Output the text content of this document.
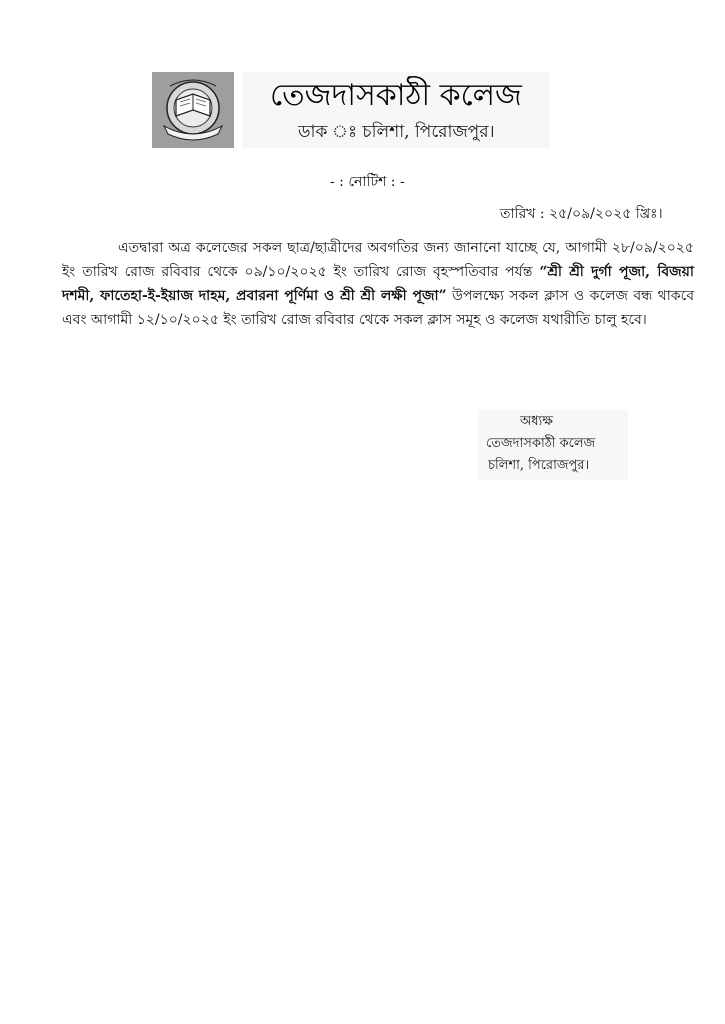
তেজদাসকাঠী কলেজ
ডাক ঃ চলিশা, পিরোজপুর।
- : নোটিশ : -
তারিখ : ২৫/০৯/২০২৫ খ্রিঃ।

এতদ্বারা অত্র কলেজের সকল ছাত্র/ছাত্রীদের অবগতির জন্য জানানো যাচ্ছে যে, আগামী ২৮/০৯/২০২৫ ইং তারিখ রোজ রবিবার থেকে ০৯/১০/২০২৫ ইং তারিখ রোজ বৃহস্পতিবার পর্যন্ত “শ্রী শ্রী দুর্গা পূজা, বিজয়া দশমী, ফাতেহা-ই-ইয়াজ দাহম, প্রবারনা পূর্ণিমা ও শ্রী শ্রী লক্ষী পূজা” উপলক্ষ্যে সকল ক্লাস ও কলেজ বন্ধ থাকবে এবং আগামী ১২/১০/২০২৫ ইং তারিখ রোজ রবিবার থেকে সকল ক্লাস সমূহ ও কলেজ যথারীতি চালু হবে।

অধ্যক্ষ
তেজদাসকাঠী কলেজ
চলিশা, পিরোজপুর।
